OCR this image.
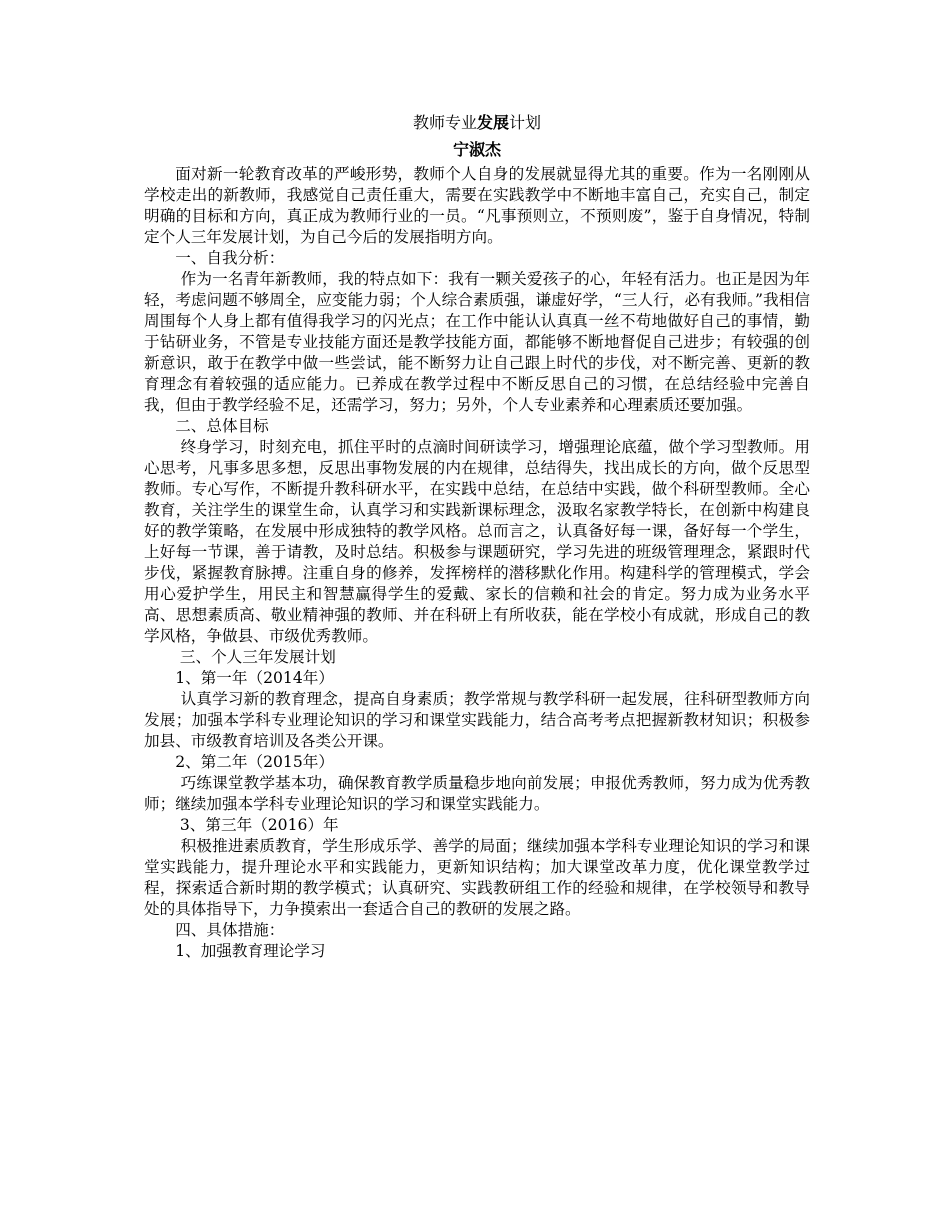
教师专业发展计划
宁淑杰

面对新一轮教育改革的严峻形势，教师个人自身的发展就显得尤其的重要。作为一名刚刚从学校走出的新教师，我感觉自己责任重大，需要在实践教学中不断地丰富自己，充实自己，制定明确的目标和方向，真正成为教师行业的一员。“凡事预则立，不预则废”，鉴于自身情况，特制定个人三年发展计划，为自己今后的发展指明方向。

一、自我分析：

作为一名青年新教师，我的特点如下：我有一颗关爱孩子的心，年轻有活力。也正是因为年轻，考虑问题不够周全，应变能力弱；个人综合素质强，谦虚好学，“三人行，必有我师。”我相信周围每个人身上都有值得我学习的闪光点；在工作中能认认真真一丝不苟地做好自己的事情，勤于钻研业务，不管是专业技能方面还是教学技能方面，都能够不断地督促自己进步；有较强的创新意识，敢于在教学中做一些尝试，能不断努力让自己跟上时代的步伐，对不断完善、更新的教育理念有着较强的适应能力。已养成在教学过程中不断反思自己的习惯，在总结经验中完善自我，但由于教学经验不足，还需学习，努力；另外，个人专业素养和心理素质还要加强。

二、总体目标

终身学习，时刻充电，抓住平时的点滴时间研读学习，增强理论底蕴，做个学习型教师。用心思考，凡事多思多想，反思出事物发展的内在规律，总结得失，找出成长的方向，做个反思型教师。专心写作，不断提升教科研水平，在实践中总结，在总结中实践，做个科研型教师。全心教育，关注学生的课堂生命，认真学习和实践新课标理念，汲取名家教学特长，在创新中构建良好的教学策略，在发展中形成独特的教学风格。总而言之，认真备好每一课，备好每一个学生，上好每一节课，善于请教，及时总结。积极参与课题研究，学习先进的班级管理理念，紧跟时代步伐，紧握教育脉搏。注重自身的修养，发挥榜样的潜移默化作用。构建科学的管理模式，学会用心爱护学生，用民主和智慧赢得学生的爱戴、家长的信赖和社会的肯定。努力成为业务水平高、思想素质高、敬业精神强的教师、并在科研上有所收获，能在学校小有成就，形成自己的教学风格，争做县、市级优秀教师。

三、个人三年发展计划

1、第一年（2014年）

认真学习新的教育理念，提高自身素质；教学常规与教学科研一起发展，往科研型教师方向发展；加强本学科专业理论知识的学习和课堂实践能力，结合高考考点把握新教材知识；积极参加县、市级教育培训及各类公开课。

2、第二年（2015年）

巧练课堂教学基本功，确保教育教学质量稳步地向前发展；申报优秀教师，努力成为优秀教师；继续加强本学科专业理论知识的学习和课堂实践能力。

3、第三年（2016）年

积极推进素质教育，学生形成乐学、善学的局面；继续加强本学科专业理论知识的学习和课堂实践能力，提升理论水平和实践能力，更新知识结构；加大课堂改革力度，优化课堂教学过程，探索适合新时期的教学模式；认真研究、实践教研组工作的经验和规律，在学校领导和教导处的具体指导下，力争摸索出一套适合自己的教研的发展之路。

四、具体措施：

1、加强教育理论学习
